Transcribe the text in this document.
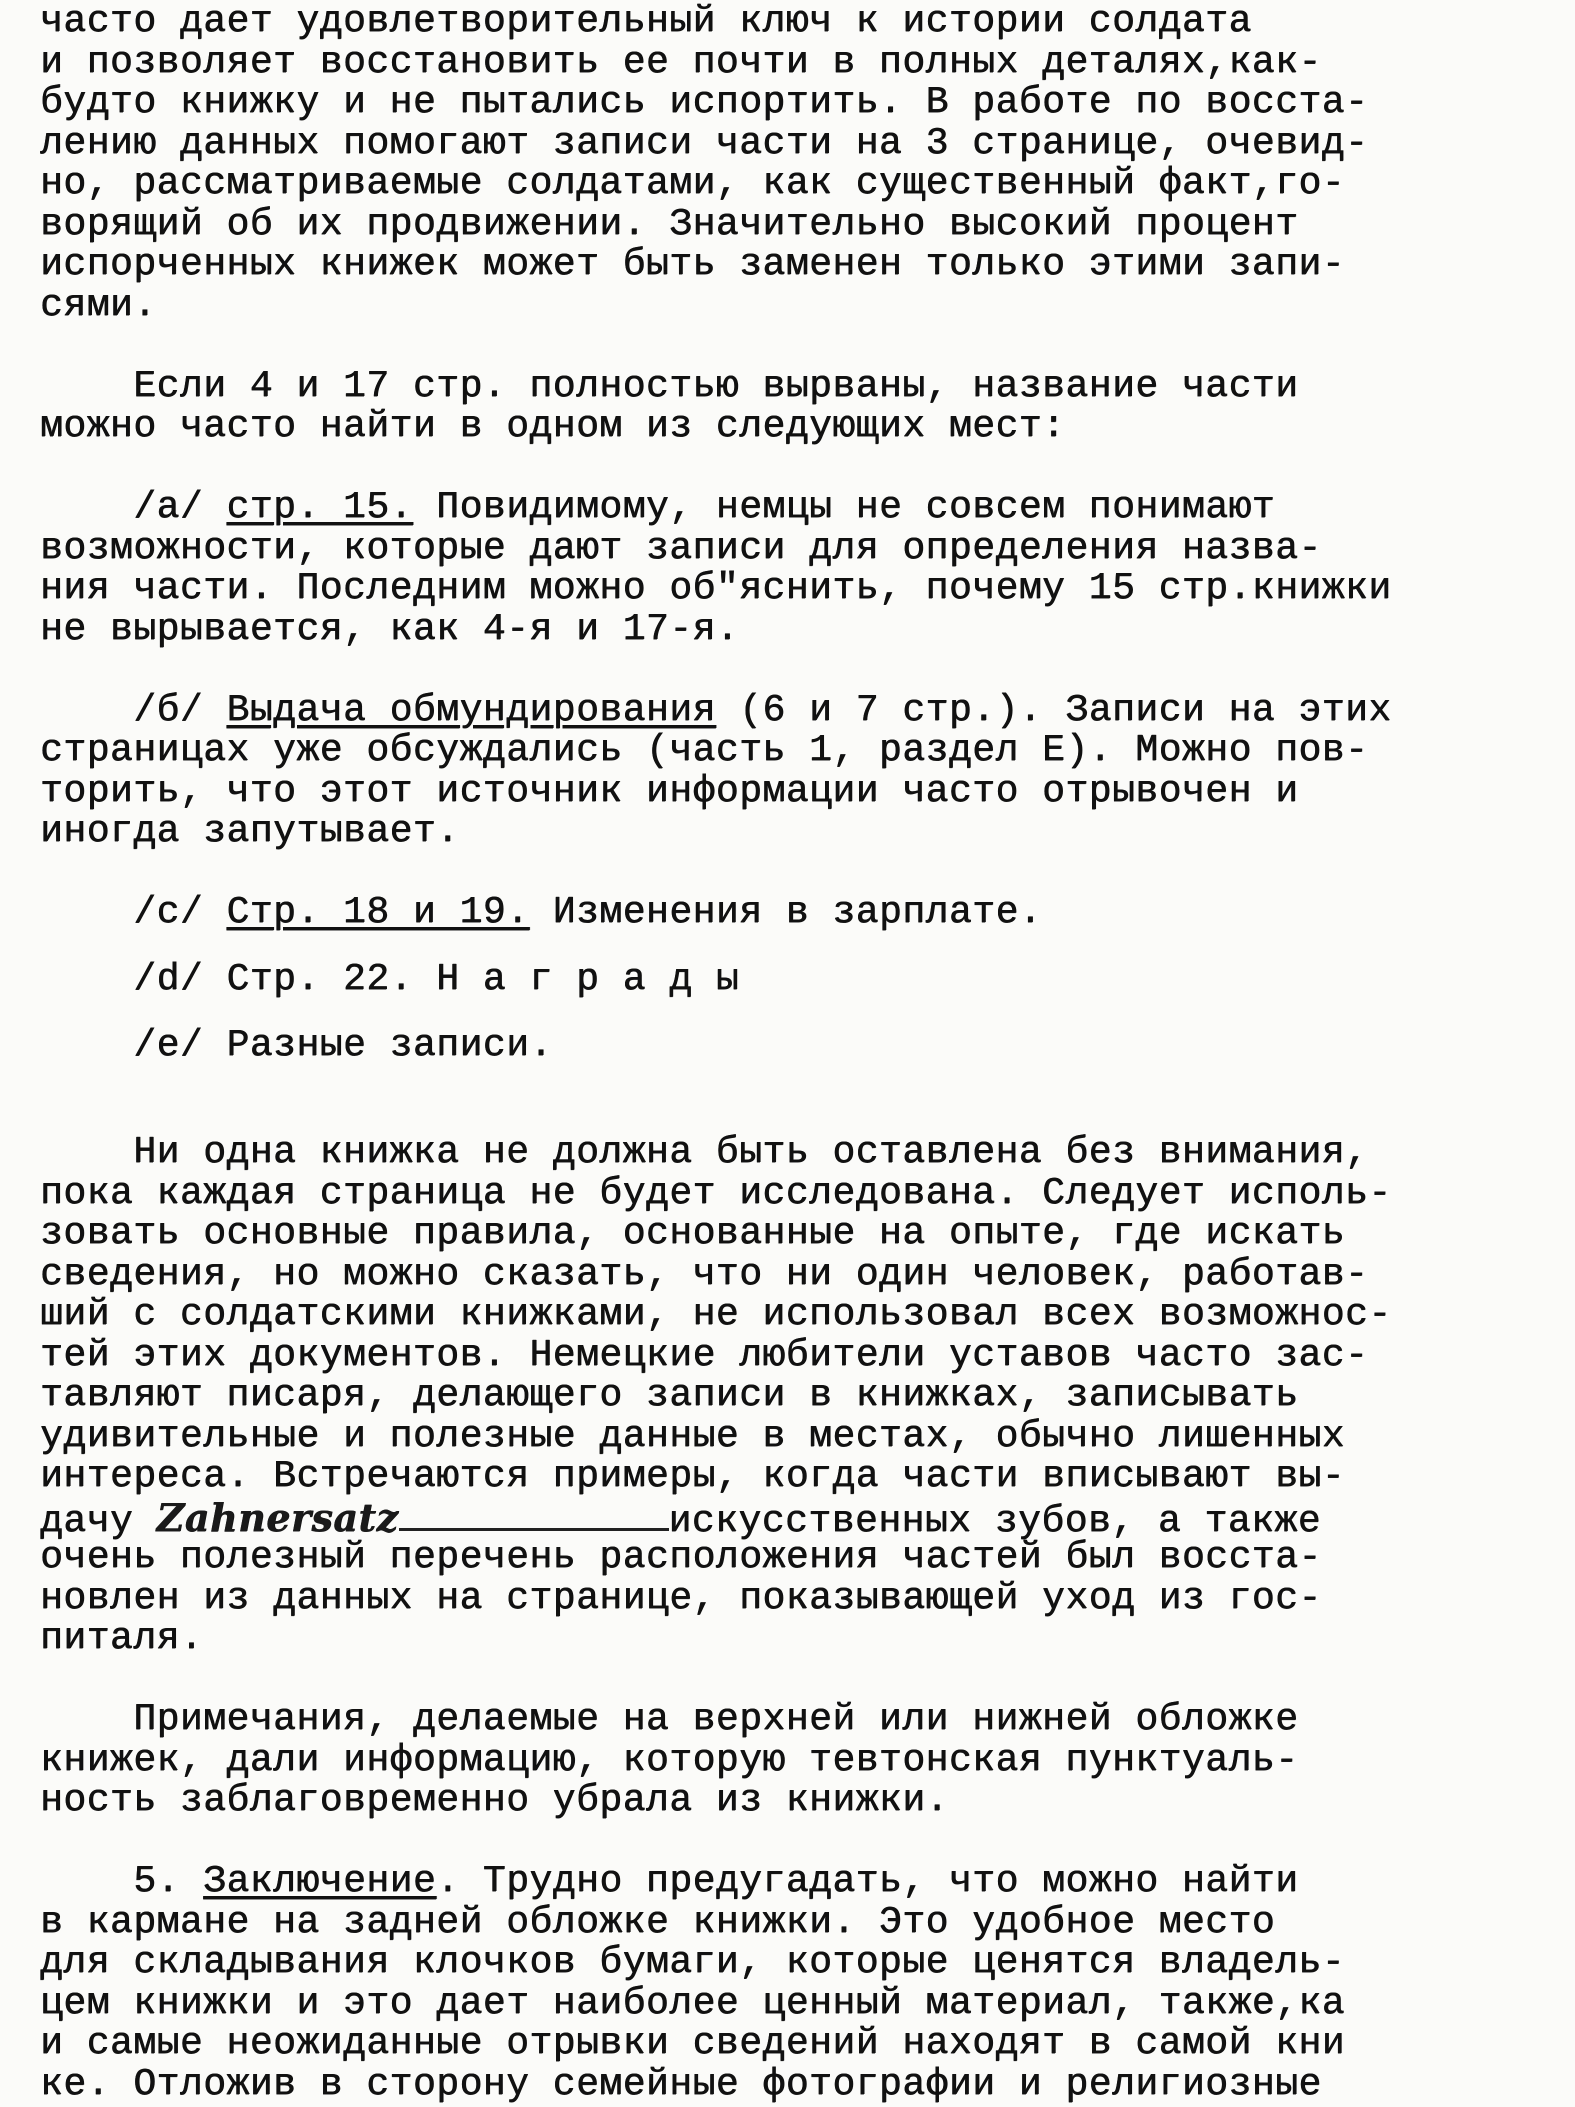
часто дает удовлетворительный ключ к истории солдата
и позволяет восстановить ее почти в полных деталях,как-
будто книжку и не пытались испортить. В работе по восста-
лению данных помогают записи части на 3 странице, очевид-
но, рассматриваемые солдатами, как существенный факт,го-
ворящий об их продвижении. Значительно высокий процент
испорченных книжек может быть заменен только этими запи-
сями.
Если 4 и 17 стр. полностью вырваны, название части
можно часто найти в одном из следующих мест:
/а/ стр. 15. Повидимому, немцы не совсем понимают
возможности, которые дают записи для определения назва-
ния части. Последним можно об"яснить, почему 15 стр.книжки
не вырывается, как 4-я и 17-я.
/б/ Выдача обмундирования (6 и 7 стр.). Записи на этих
страницах уже обсуждались (часть 1, раздел Е). Можно пов-
торить, что этот источник информации часто отрывочен и
иногда запутывает.
/с/ Стр. 18 и 19. Изменения в зарплате.
/d/ Стр. 22. Н а г р а д ы
/e/ Разные записи.
Ни одна книжка не должна быть оставлена без внимания,
пока каждая страница не будет исследована. Следует исполь-
зовать основные правила, основанные на опыте, где искать
сведения, но можно сказать, что ни один человек, работав-
ший с солдатскими книжками, не использовал всех возможнос-
тей этих документов. Немецкие любители уставов часто зас-
тавляют писаря, делающего записи в книжках, записывать
удивительные и полезные данные в местах, обычно лишенных
интереса. Встречаются примеры, когда части вписывают вы-
дачу Zahnersatz	искусственных зубов, а также
очень полезный перечень расположения частей был восста-
новлен из данных на странице, показывающей уход из гос-
питаля.
Примечания, делаемые на верхней или нижней обложке
книжек, дали информацию, которую тевтонская пунктуаль-
ность заблаговременно убрала из книжки.
5. Заключение. Трудно предугадать, что можно найти
в кармане на задней обложке книжки. Это удобное место
для складывания клочков бумаги, которые ценятся владель-
цем книжки и это дает наиболее ценный материал, также,ка
и самые неожиданные отрывки сведений находят в самой кни
ке. Отложив в сторону семейные фотографии и религиозные
